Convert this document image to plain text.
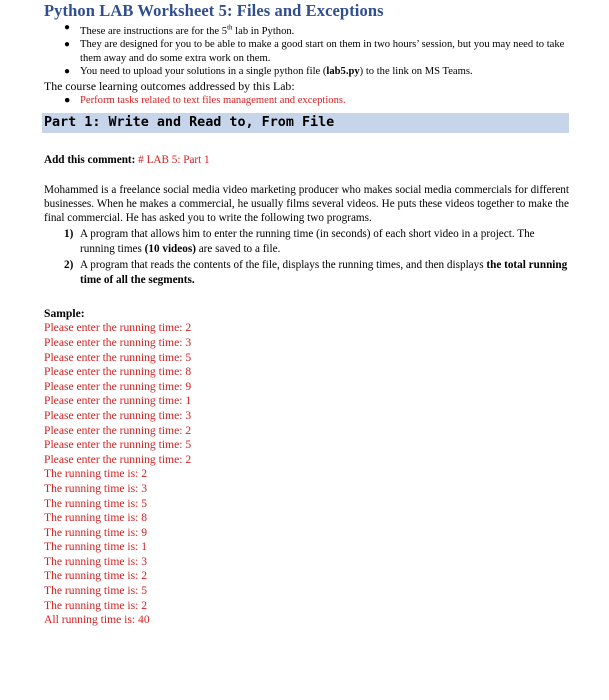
Python LAB Worksheet 5: Files and Exceptions
● These are instructions are for the 5th lab in Python.
● They are designed for you to be able to make a good start on them in two hours’ session, but you may need to take them away and do some extra work on them.
● You need to upload your solutions in a single python file (lab5.py) to the link on MS Teams.

The course learning outcomes addressed by this Lab:

● Perform tasks related to text files management and exceptions.
Part 1: Write and Read to, From File

Add this comment: # LAB 5: Part 1

Mohammed is a freelance social media video marketing producer who makes social media commercials for different businesses. When he makes a commercial, he usually films several videos. He puts these videos together to make the final commercial. He has asked you to write the following two programs.

1) A program that allows him to enter the running time (in seconds) of each short video in a project. The running times (10 videos) are saved to a file.
2) A program that reads the contents of the file, displays the running times, and then displays the total running time of all the segments.

Sample:

Please enter the running time: 2
Please enter the running time: 3
Please enter the running time: 5
Please enter the running time: 8
Please enter the running time: 9
Please enter the running time: 1
Please enter the running time: 3
Please enter the running time: 2
Please enter the running time: 5
Please enter the running time: 2
The running time is: 2
The running time is: 3
The running time is: 5
The running time is: 8
The running time is: 9
The running time is: 1
The running time is: 3
The running time is: 2
The running time is: 5
The running time is: 2
All running time is: 40
